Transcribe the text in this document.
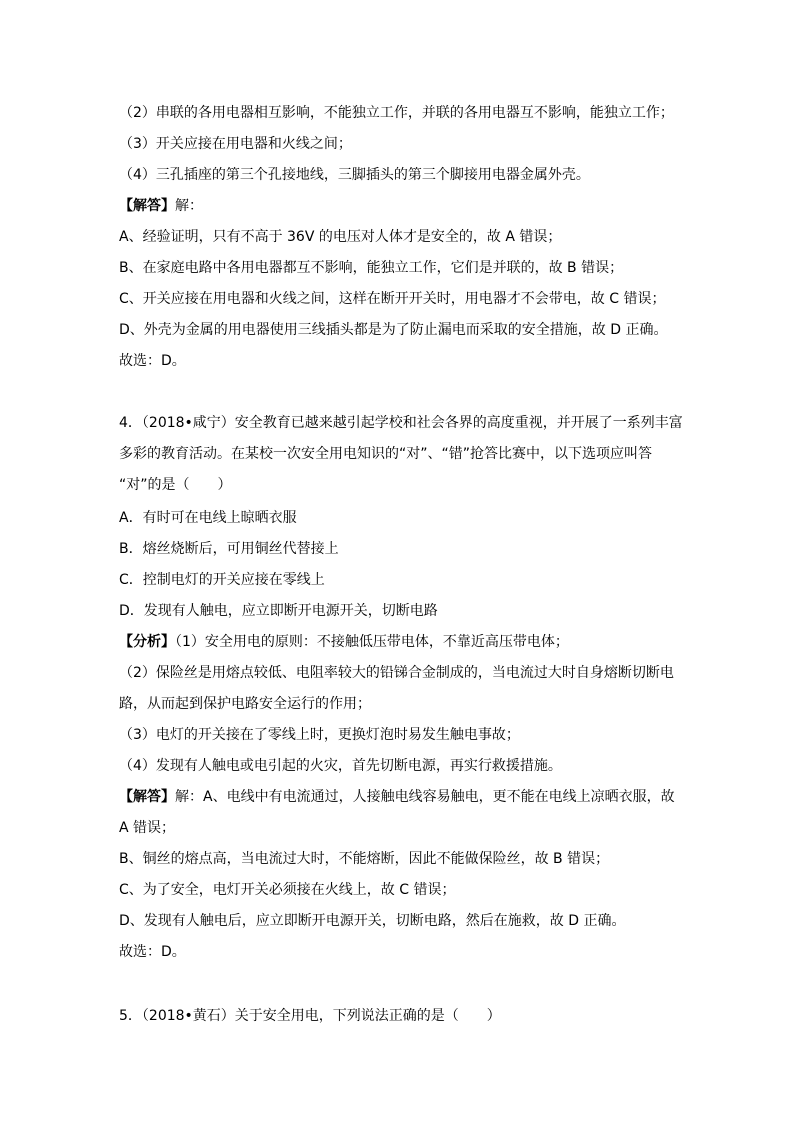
（2）串联的各用电器相互影响，不能独立工作，并联的各用电器互不影响，能独立工作；
（3）开关应接在用电器和火线之间；
（4）三孔插座的第三个孔接地线，三脚插头的第三个脚接用电器金属外壳。
【解答】解：
A、经验证明，只有不高于 36V 的电压对人体才是安全的，故 A 错误；
B、在家庭电路中各用电器都互不影响，能独立工作，它们是并联的，故 B 错误；
C、开关应接在用电器和火线之间，这样在断开开关时，用电器才不会带电，故 C 错误；
D、外壳为金属的用电器使用三线插头都是为了防止漏电而采取的安全措施，故 D 正确。
故选：D。
4．（2018•咸宁）安全教育已越来越引起学校和社会各界的高度重视，并开展了一系列丰富
多彩的教育活动。在某校一次安全用电知识的“对”、“错”抢答比赛中，以下选项应叫答
“对”的是（　　）
A．有时可在电线上晾晒衣服
B．熔丝烧断后，可用铜丝代替接上
C．控制电灯的开关应接在零线上
D．发现有人触电，应立即断开电源开关，切断电路
【分析】（1）安全用电的原则：不接触低压带电体，不靠近高压带电体；
（2）保险丝是用熔点较低、电阻率较大的铅锑合金制成的，当电流过大时自身熔断切断电
路，从而起到保护电路安全运行的作用；
（3）电灯的开关接在了零线上时，更换灯泡时易发生触电事故；
（4）发现有人触电或电引起的火灾，首先切断电源，再实行救援措施。
【解答】解：A、电线中有电流通过，人接触电线容易触电，更不能在电线上凉晒衣服，故
A 错误；
B、铜丝的熔点高，当电流过大时，不能熔断，因此不能做保险丝，故 B 错误；
C、为了安全，电灯开关必须接在火线上，故 C 错误；
D、发现有人触电后，应立即断开电源开关，切断电路，然后在施救，故 D 正确。
故选：D。
5．（2018•黄石）关于安全用电，下列说法正确的是（　　）
